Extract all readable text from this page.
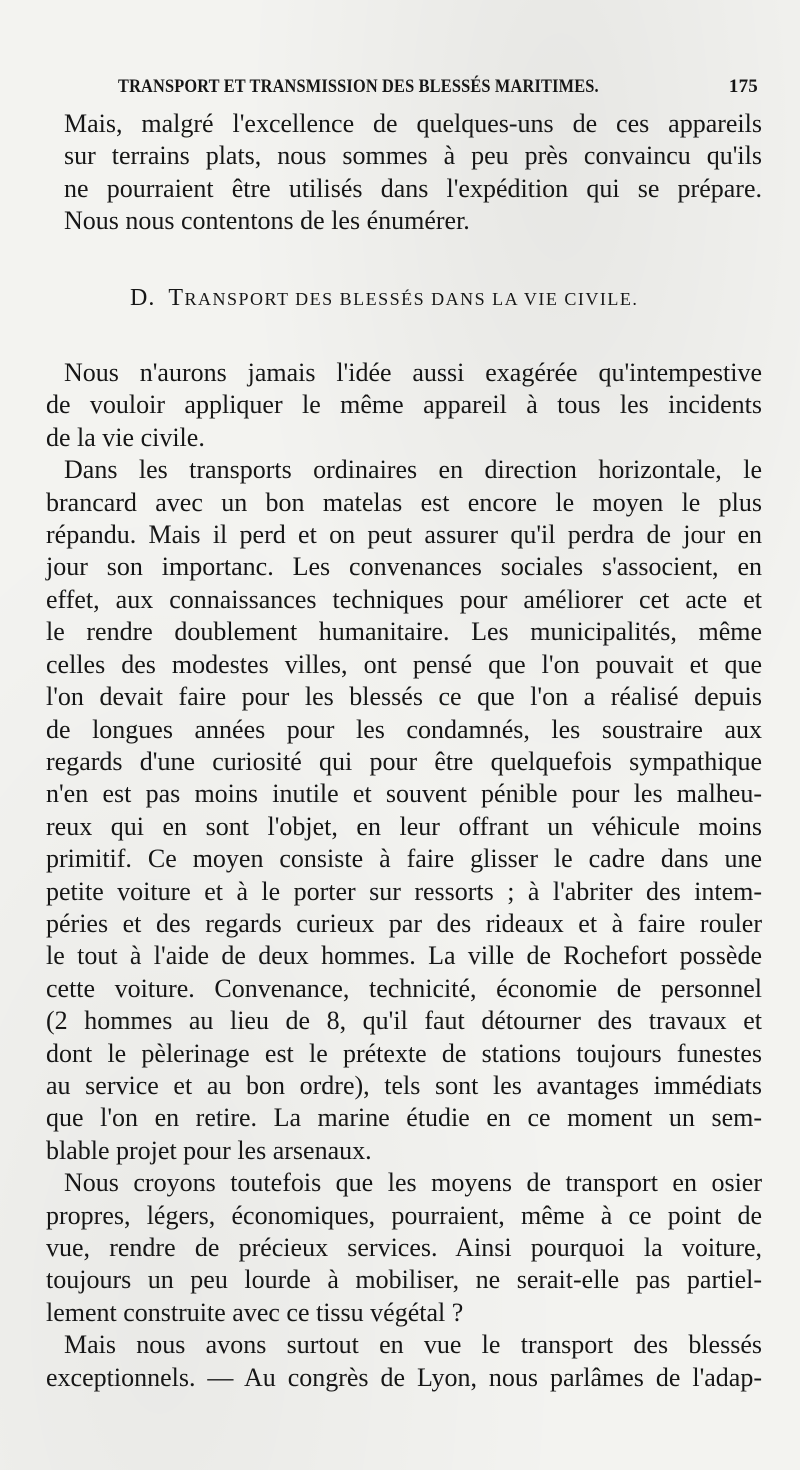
TRANSPORT ET TRANSMISSION DES BLESSÉS MARITIMES.	175

Mais, malgré l'excellence de quelques-uns de ces appareils
sur terrains plats, nous sommes à peu près convaincu qu'ils
ne pourraient être utilisés dans l'expédition qui se prépare.
Nous nous contentons de les énumérer.

D. TRANSPORT DES BLESSÉS DANS LA VIE CIVILE.

Nous n'aurons jamais l'idée aussi exagérée qu'intempestive
de vouloir appliquer le même appareil à tous les incidents
de la vie civile.

Dans les transports ordinaires en direction horizontale, le
brancard avec un bon matelas est encore le moyen le plus
répandu. Mais il perd et on peut assurer qu'il perdra de jour en
jour son importanc. Les convenances sociales s'associent, en
effet, aux connaissances techniques pour améliorer cet acte et
le rendre doublement humanitaire. Les municipalités, même
celles des modestes villes, ont pensé que l'on pouvait et que
l'on devait faire pour les blessés ce que l'on a réalisé depuis
de longues années pour les condamnés, les soustraire aux
regards d'une curiosité qui pour être quelquefois sympathique
n'en est pas moins inutile et souvent pénible pour les malheu-
reux qui en sont l'objet, en leur offrant un véhicule moins
primitif. Ce moyen consiste à faire glisser le cadre dans une
petite voiture et à le porter sur ressorts ; à l'abriter des intem-
péries et des regards curieux par des rideaux et à faire rouler
le tout à l'aide de deux hommes. La ville de Rochefort possède
cette voiture. Convenance, technicité, économie de personnel
(2 hommes au lieu de 8, qu'il faut détourner des travaux et
dont le pèlerinage est le prétexte de stations toujours funestes
au service et au bon ordre), tels sont les avantages immédiats
que l'on en retire. La marine étudie en ce moment un sem-
blable projet pour les arsenaux.

Nous croyons toutefois que les moyens de transport en osier
propres, légers, économiques, pourraient, même à ce point de
vue, rendre de précieux services. Ainsi pourquoi la voiture,
toujours un peu lourde à mobiliser, ne serait-elle pas partiel-
lement construite avec ce tissu végétal ?

Mais nous avons surtout en vue le transport des blessés
exceptionnels. — Au congrès de Lyon, nous parlâmes de l'adap-
